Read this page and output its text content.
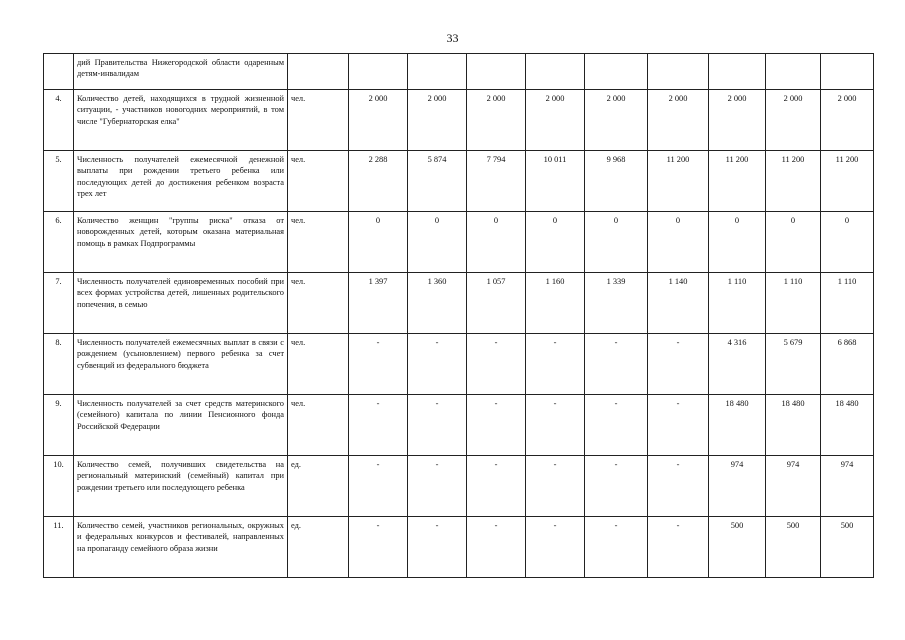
33
	дий Правительства Нижегородской области одаренным детям-инвалидам										
4.	Количество детей, находящихся в трудной жизненной ситуации, - участников новогодних мероприятий, в том числе "Губернаторская елка"	чел.	2 000	2 000	2 000	2 000	2 000	2 000	2 000	2 000	2 000
5.	Численность получателей ежемесячной денежной выплаты при рождении третьего ребенка или последующих детей до достижения ребенком возраста трех лет	чел.	2 288	5 874	7 794	10 011	9 968	11 200	11 200	11 200	11 200
6.	Количество женщин "группы риска" отказа от новорожденных детей, которым оказана материальная помощь в рамках Подпрограммы	чел.	0	0	0	0	0	0	0	0	0
7.	Численность получателей единовременных пособий при всех формах устройства детей, лишенных родительского попечения, в семью	чел.	1 397	1 360	1 057	1 160	1 339	1 140	1 110	1 110	1 110
8.	Численность получателей ежемесячных выплат в связи с рождением (усыновлением) первого ребенка за счет субвенций из федерального бюджета	чел.	-	-	-	-	-	-	4 316	5 679	6 868
9.	Численность получателей за счет средств материнского (семейного) капитала по линии Пенсионного фонда Российской Федерации	чел.	-	-	-	-	-	-	18 480	18 480	18 480
10.	Количество семей, получивших свидетельства на региональный материнский (семейный) капитал при рождении третьего или последующего ребенка	ед.	-	-	-	-	-	-	974	974	974
11.	Количество семей, участников региональных, окружных и федеральных конкурсов и фестивалей, направленных на пропаганду семейного образа жизни	ед.	-	-	-	-	-	-	500	500	500
